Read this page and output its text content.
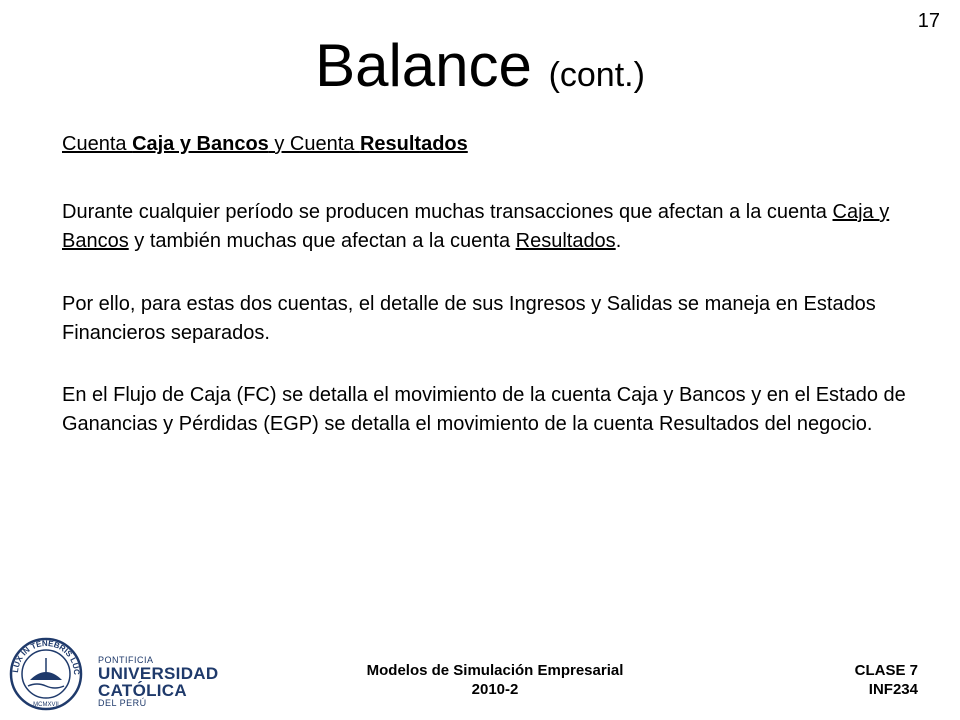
17
Balance (cont.)
Cuenta Caja y Bancos y Cuenta Resultados
Durante cualquier período se producen muchas transacciones que afectan a la cuenta Caja y Bancos y también muchas que afectan a la cuenta Resultados.
Por ello, para estas dos cuentas, el detalle de sus Ingresos y Salidas se maneja en Estados Financieros separados.
En el Flujo de Caja (FC) se detalla el movimiento de la cuenta Caja y Bancos y en el Estado de Ganancias y Pérdidas (EGP) se detalla el movimiento de la cuenta Resultados del negocio.
LUX IN TENEBRIS LUC
MCMXVII
PONTIFICIA
UNIVERSIDAD
CATÓLICA
DEL PERÚ
Modelos de Simulación Empresarial
2010-2
CLASE 7
INF234
